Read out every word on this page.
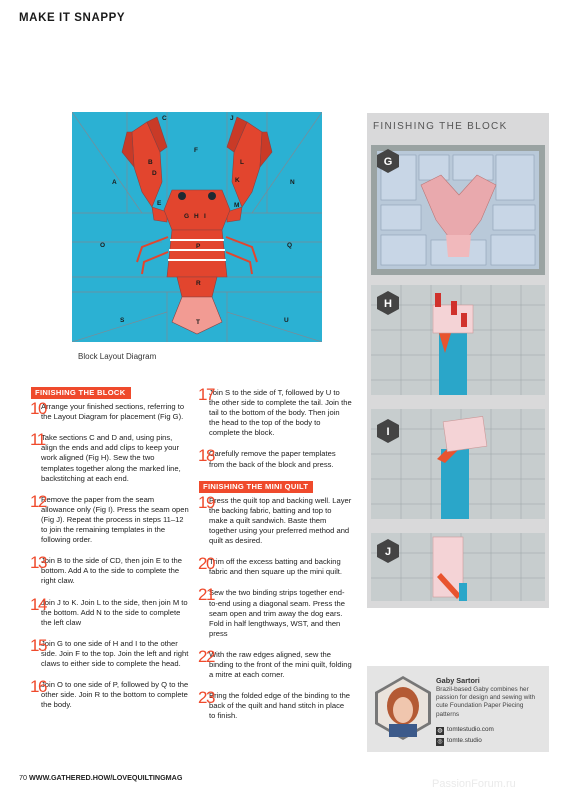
MAKE IT SNAPPY
A
B
C
D
E
F
G H I
J
K
L
M
N
O	P	Q
R
S	T	U
Block Layout Diagram
FINISHING THE BLOCK
10
Arrange your finished sections, referring to the Layout Diagram for placement (Fig G).
11
Take sections C and D and, using pins, align the ends and add clips to keep your work aligned (Fig H). Sew the two templates together along the marked line, backstitching at each end.
12
Remove the paper from the seam allowance only (Fig I). Press the seam open (Fig J). Repeat the process in steps 11–12 to join the remaining templates in the following order.
13
Join B to the side of CD, then join E to the bottom. Add A to the side to complete the right claw.
14
Join J to K. Join L to the side, then join M to the bottom. Add N to the side to complete the left claw
15
Join G to one side of H and I to the other side. Join F to the top. Join the left and right claws to either side to complete the head.
16
Join O to one side of P, followed by Q to the other side. Join R to the bottom to complete the body.
17
Join S to the side of T, followed by U to the other side to complete the tail. Join the tail to the bottom of the body. Then join the head to the top of the body to complete the block.
18
Carefully remove the paper templates from the back of the block and press.
FINISHING THE MINI QUILT
19
Press the quilt top and backing well. Layer the backing fabric, batting and top to make a quilt sandwich. Baste them together using your preferred method and quilt as desired.
20
Trim off the excess batting and backing fabric and then square up the mini quilt.
21
Sew the two binding strips together end-to-end using a diagonal seam. Press the seam open and trim away the dog ears. Fold in half lengthways, WST, and then press
22
With the raw edges aligned, sew the binding to the front of the mini quilt, folding a mitre at each corner.
23
Bring the folded edge of the binding to the back of the quilt and hand stitch in place to finish.
FINISHING THE BLOCK
G
H
I
J
Gaby Sartori
Brazil-based Gaby combines her passion for design and sewing with cute Foundation Paper Piecing patterns
◍ tomtestudio.com
◎ tomte.studio
70 WWW.GATHERED.HOW/LOVEQUILTINGMAG
PassionForum.ru
